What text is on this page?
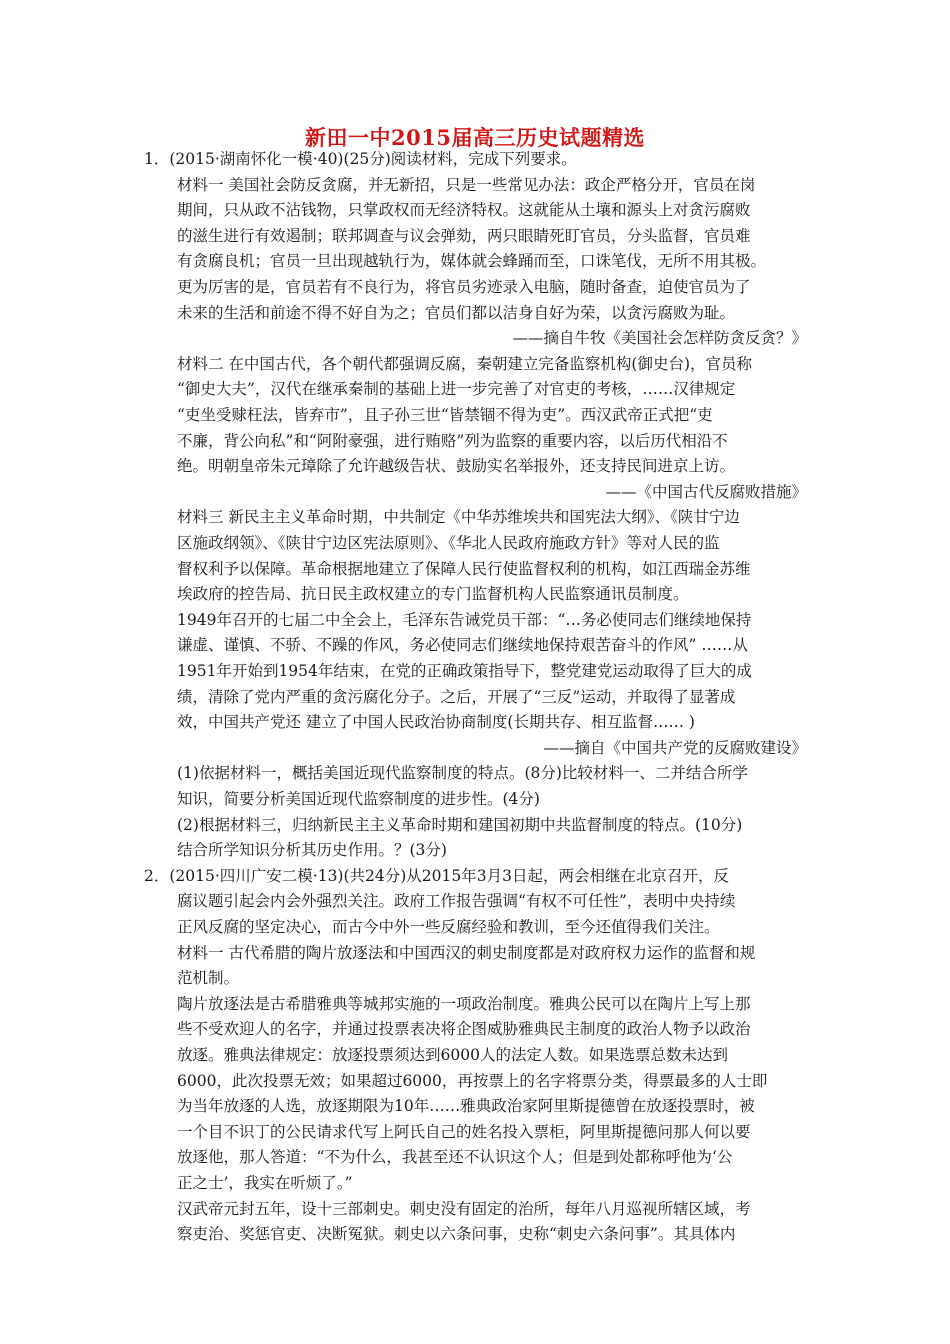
新田一中2015届高三历史试题精选
1．(2015·湖南怀化一模·40)(25分)阅读材料，完成下列要求。
材料一 美国社会防反贪腐，并无新招，只是一些常见办法：政企严格分开，官员在岗
期间，只从政不沾钱物，只掌政权而无经济特权。这就能从土壤和源头上对贪污腐败
的滋生进行有效遏制；联邦调查与议会弹劾，两只眼睛死盯官员，分头监督，官员难
有贪腐良机；官员一旦出现越轨行为，媒体就会蜂踊而至，口诛笔伐，无所不用其极。
更为厉害的是，官员若有不良行为，将官员劣迹录入电脑，随时备查，迫使官员为了
未来的生活和前途不得不好自为之；官员们都以洁身自好为荣，以贪污腐败为耻。
——摘自牛牧《美国社会怎样防贪反贪？》
材料二 在中国古代，各个朝代都强调反腐，秦朝建立完备监察机构(御史台)，官员称
“御史大夫”，汉代在继承秦制的基础上进一步完善了对官吏的考核，……汉律规定
“吏坐受赇枉法，皆弃市”，且子孙三世“皆禁锢不得为吏”。西汉武帝正式把“吏
不廉，背公向私”和“阿附豪强，进行贿赂”列为监察的重要内容，以后历代相沿不
绝。明朝皇帝朱元璋除了允许越级告状、鼓励实名举报外，还支持民间进京上访。
——《中国古代反腐败措施》
材料三 新民主主义革命时期，中共制定《中华苏维埃共和国宪法大纲》、《陕甘宁边
区施政纲领》、《陕甘宁边区宪法原则》、《华北人民政府施政方针》等对人民的监
督权利予以保障。革命根据地建立了保障人民行使监督权利的机构，如江西瑞金苏维
埃政府的控告局、抗日民主政权建立的专门监督机构人民监察通讯员制度。
1949年召开的七届二中全会上，毛泽东告诫党员干部：“…务必使同志们继续地保持
谦虚、谨慎、不骄、不躁的作风，务必使同志们继续地保持艰苦奋斗的作风” ……从
1951年开始到1954年结束，在党的正确政策指导下，整党建党运动取得了巨大的成
绩，清除了党内严重的贪污腐化分子。之后，开展了“三反”运动，并取得了显著成
效，中国共产党还 建立了中国人民政治协商制度(长期共存、相互监督…… )
——摘自《中国共产党的反腐败建设》
(1)依据材料一，概括美国近现代监察制度的特点。(8分)比较材料一、二并结合所学
知识，简要分析美国近现代监察制度的进步性。(4分)
(2)根据材料三，归纳新民主主义革命时期和建国初期中共监督制度的特点。(10分)
结合所学知识分析其历史作用。？(3分)
2．(2015·四川广安二模·13)(共24分)从2015年3月3日起，两会相继在北京召开，反
腐议题引起会内会外强烈关注。政府工作报告强调“有权不可任性”，表明中央持续
正风反腐的坚定决心，而古今中外一些反腐经验和教训，至今还值得我们关注。
材料一 古代希腊的陶片放逐法和中国西汉的刺史制度都是对政府权力运作的监督和规
范机制。
陶片放逐法是古希腊雅典等城邦实施的一项政治制度。雅典公民可以在陶片上写上那
些不受欢迎人的名字，并通过投票表决将企图威胁雅典民主制度的政治人物予以政治
放逐。雅典法律规定：放逐投票须达到6000人的法定人数。如果选票总数未达到
6000，此次投票无效；如果超过6000，再按票上的名字将票分类，得票最多的人士即
为当年放逐的人选，放逐期限为10年……雅典政治家阿里斯提德曾在放逐投票时，被
一个目不识丁的公民请求代写上阿氏自己的姓名投入票柜，阿里斯提德问那人何以要
放逐他，那人答道：“不为什么，我甚至还不认识这个人；但是到处都称呼他为‘公
正之士’，我实在听烦了。”
汉武帝元封五年，设十三部刺史。刺史没有固定的治所，每年八月巡视所辖区域，考
察吏治、奖惩官吏、决断冤狱。刺史以六条问事，史称“刺史六条问事”。其具体内
